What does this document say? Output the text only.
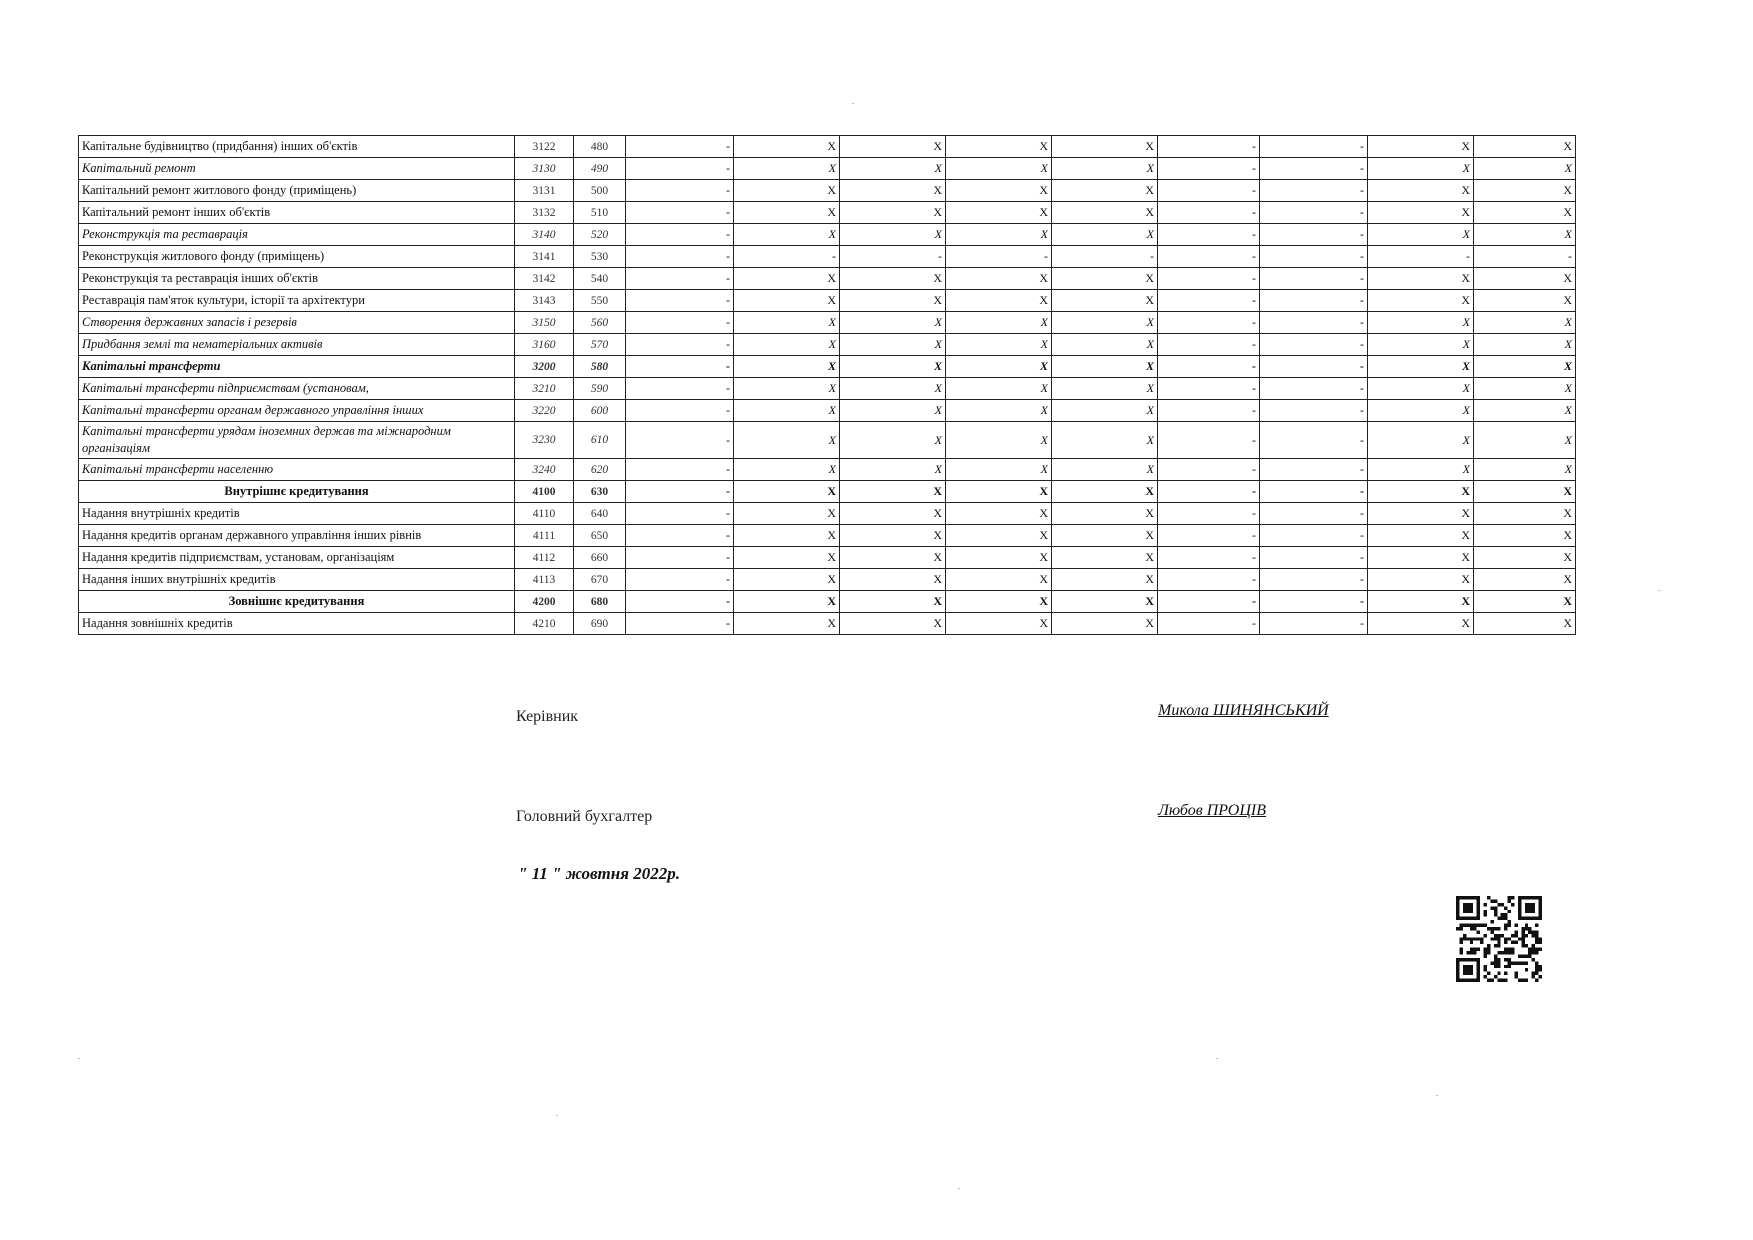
Капітальне будівництво (придбання) інших об'єктів	3122	480	-	X	X	X	X	-	-	X	X
Капітальний ремонт	3130	490	-	X	X	X	X	-	-	X	X
Капітальний ремонт житлового фонду (приміщень)	3131	500	-	X	X	X	X	-	-	X	X
Капітальний ремонт інших об'єктів	3132	510	-	X	X	X	X	-	-	X	X
Реконструкція та реставрація	3140	520	-	X	X	X	X	-	-	X	X
Реконструкція житлового фонду (приміщень)	3141	530	-	-	-	-	-	-	-	-	-
Реконструкція та реставрація інших об'єктів	3142	540	-	X	X	X	X	-	-	X	X
Реставрація пам'яток культури, історії та архітектури	3143	550	-	X	X	X	X	-	-	X	X
Створення державних запасів і резервів	3150	560	-	X	X	X	X	-	-	X	X
Придбання землі та нематеріальних активів	3160	570	-	X	X	X	X	-	-	X	X
Капітальні трансферти	3200	580	-	X	X	X	X	-	-	X	X
Капітальні трансферти підприємствам (установам,	3210	590	-	X	X	X	X	-	-	X	X
Капітальні трансферти органам державного управління інших	3220	600	-	X	X	X	X	-	-	X	X
Капітальні трансферти урядам іноземних держав та міжнародним організаціям	3230	610	-	X	X	X	X	-	-	X	X
Капітальні трансферти населенню	3240	620	-	X	X	X	X	-	-	X	X
Внутрішнє кредитування	4100	630	-	X	X	X	X	-	-	X	X
Надання внутрішніх кредитів	4110	640	-	X	X	X	X	-	-	X	X
Надання кредитів органам державного управління інших рівнів	4111	650	-	X	X	X	X	-	-	X	X
Надання кредитів підприємствам, установам, організаціям	4112	660	-	X	X	X	X	-	-	X	X
Надання інших внутрішніх кредитів	4113	670	-	X	X	X	X	-	-	X	X
Зовнішнє кредитування	4200	680	-	X	X	X	X	-	-	X	X
Надання зовнішніх кредитів	4210	690	-	X	X	X	X	-	-	X	X
Керівник	Микола ШИНЯНСЬКИЙ
Головний бухгалтер	Любов ПРОЦІВ
" 11 " жовтня 2022р.
